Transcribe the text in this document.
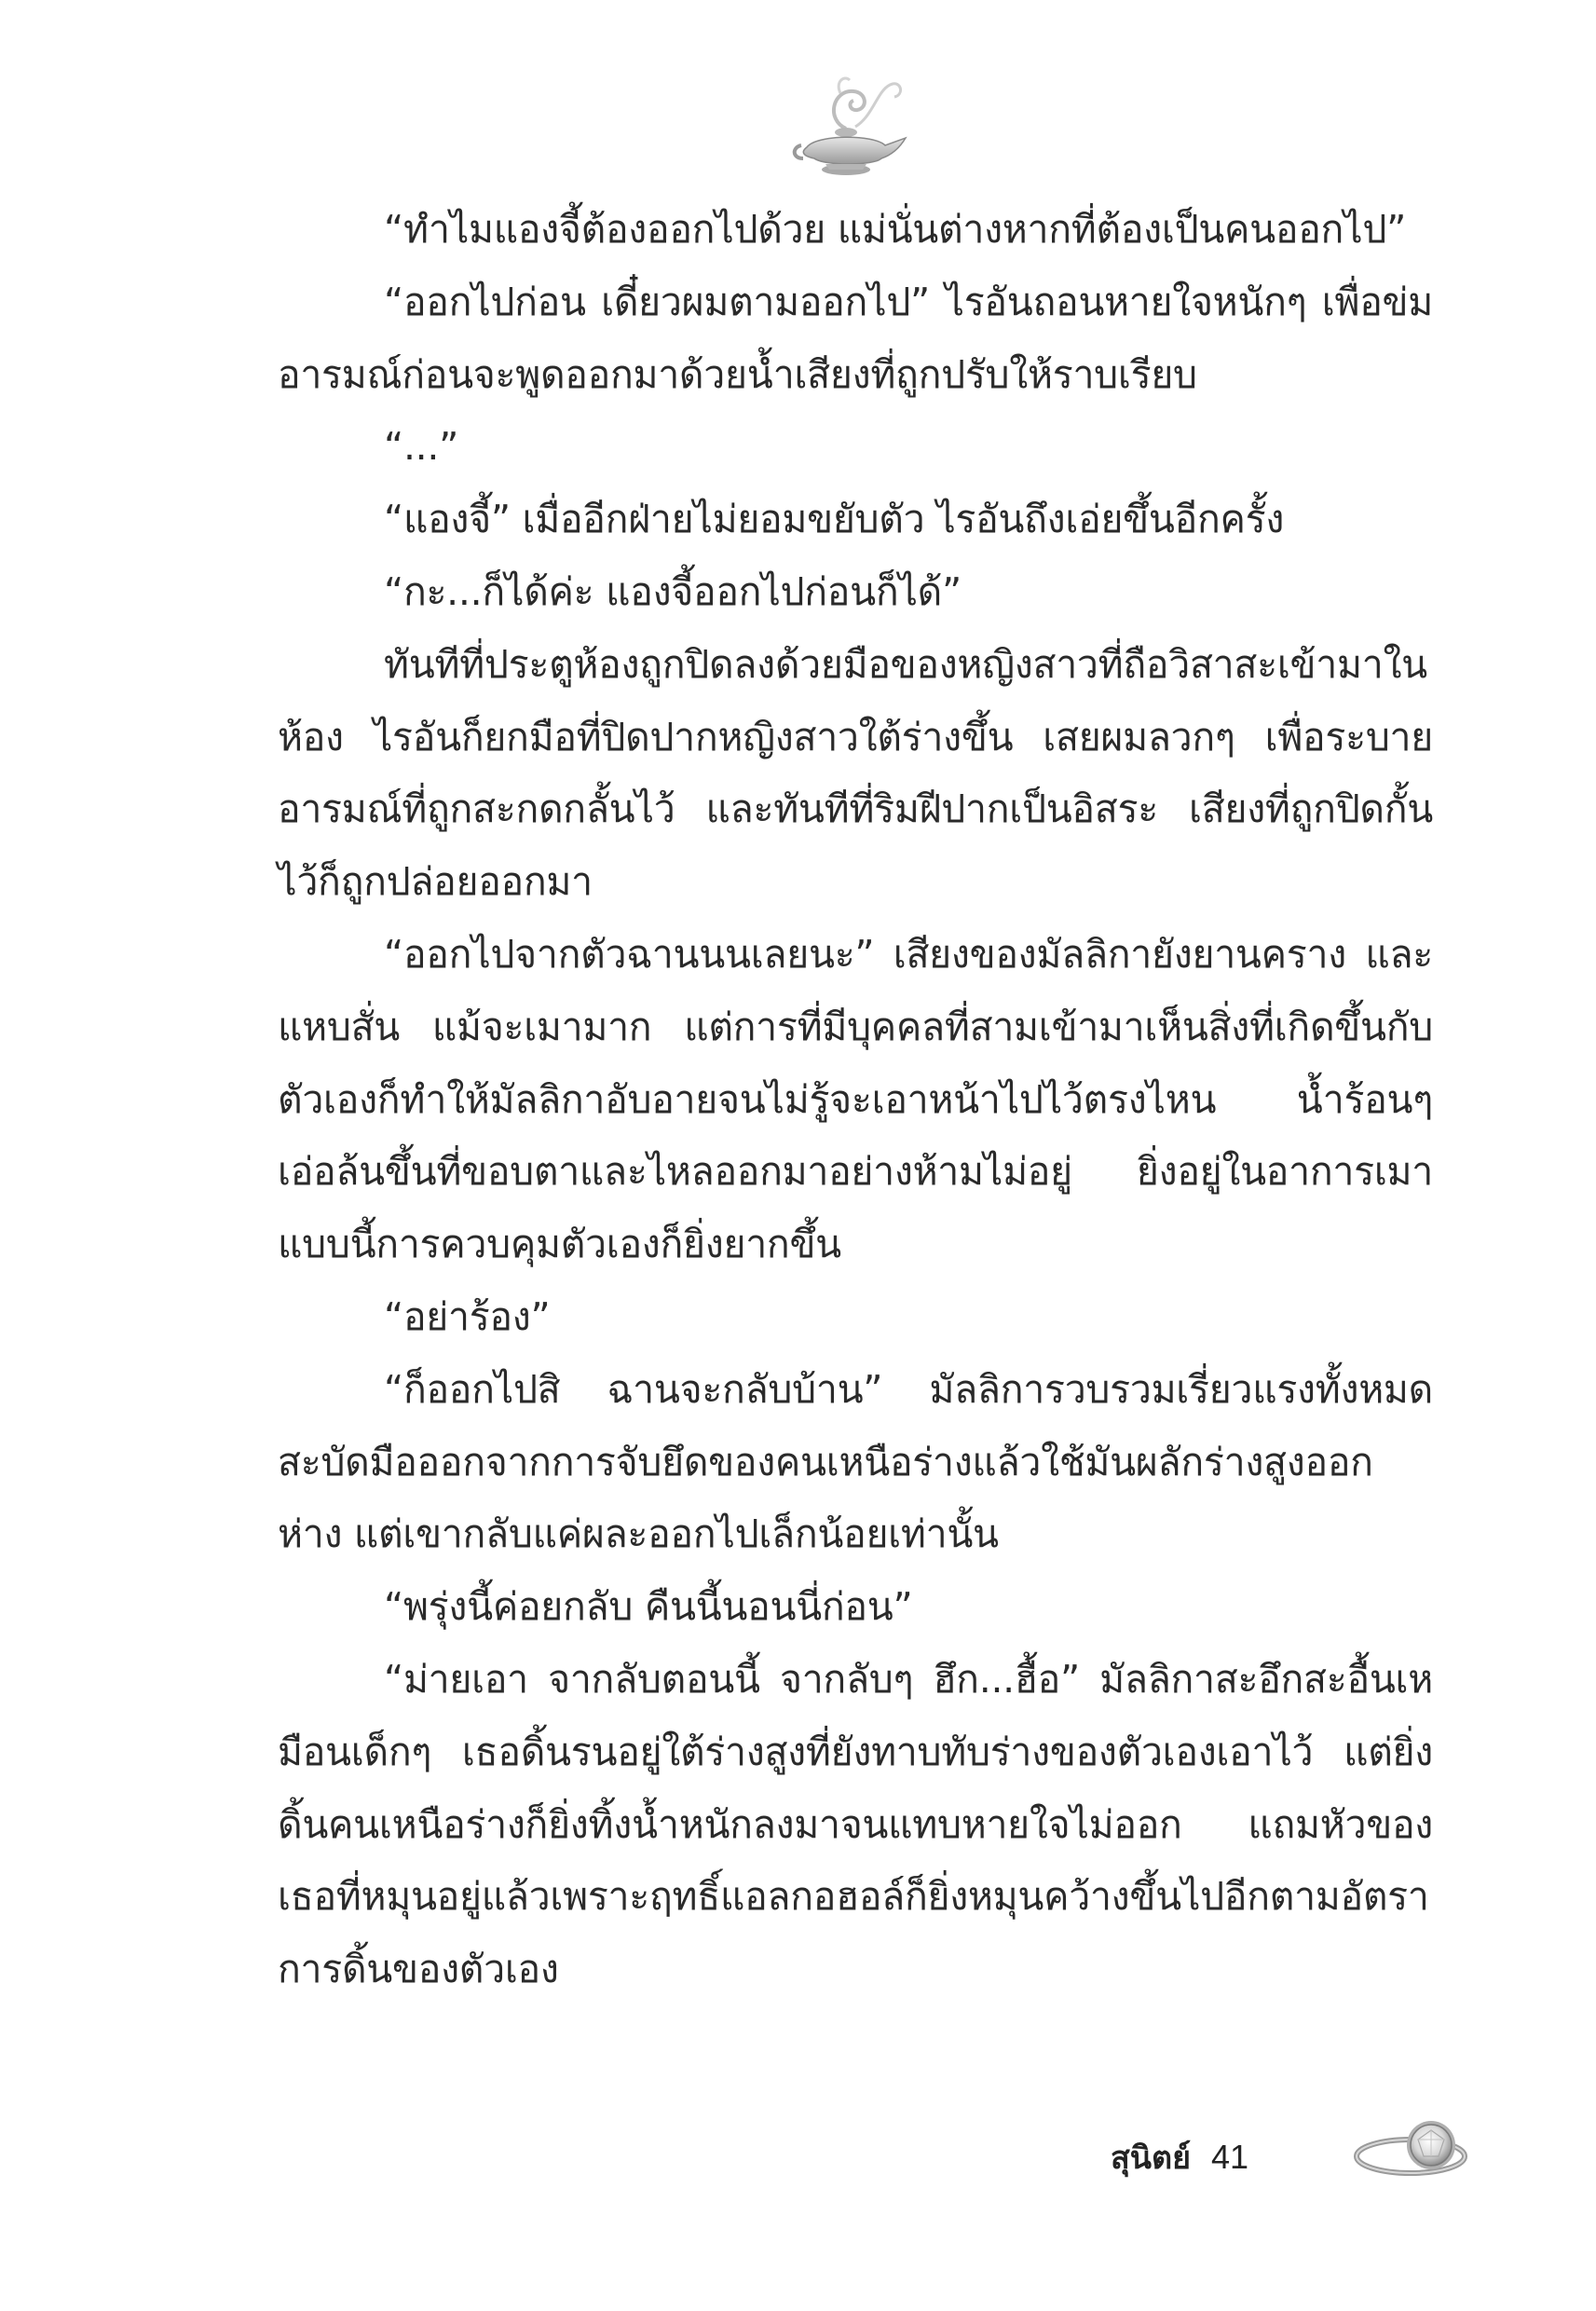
“ทำไมแองจี้ต้องออกไปด้วย แม่นั่นต่างหากที่ต้องเป็นคนออกไป”

“ออกไปก่อน เดี๋ยวผมตามออกไป” ไรอันถอนหายใจหนักๆ เพื่อข่มอารมณ์ก่อนจะพูดออกมาด้วยน้ำเสียงที่ถูกปรับให้ราบเรียบ

“...”

“แองจี้” เมื่ออีกฝ่ายไม่ยอมขยับตัว ไรอันถึงเอ่ยขึ้นอีกครั้ง

“กะ...ก็ได้ค่ะ แองจี้ออกไปก่อนก็ได้”

ทันทีที่ประตูห้องถูกปิดลงด้วยมือของหญิงสาวที่ถือวิสาสะเข้ามาในห้อง ไรอันก็ยกมือที่ปิดปากหญิงสาวใต้ร่างขึ้น เสยผมลวกๆ เพื่อระบายอารมณ์ที่ถูกสะกดกลั้นไว้ และทันทีที่ริมฝีปากเป็นอิสระ เสียงที่ถูกปิดกั้นไว้ก็ถูกปล่อยออกมา

“ออกไปจากตัวฉานนนเลยนะ” เสียงของมัลลิกายังยานคราง และแหบสั่น แม้จะเมามาก แต่การที่มีบุคคลที่สามเข้ามาเห็นสิ่งที่เกิดขึ้นกับตัวเองก็ทำให้มัลลิกาอับอายจนไม่รู้จะเอาหน้าไปไว้ตรงไหน น้ำร้อนๆ เอ่อล้นขึ้นที่ขอบตาและไหลออกมาอย่างห้ามไม่อยู่ ยิ่งอยู่ในอาการเมาแบบนี้การควบคุมตัวเองก็ยิ่งยากขึ้น

“อย่าร้อง”

“ก็ออกไปสิ ฉานจะกลับบ้าน” มัลลิการวบรวมเรี่ยวแรงทั้งหมดสะบัดมือออกจากการจับยึดของคนเหนือร่างแล้วใช้มันผลักร่างสูงออกห่าง แต่เขากลับแค่ผละออกไปเล็กน้อยเท่านั้น

“พรุ่งนี้ค่อยกลับ คืนนี้นอนนี่ก่อน”

“ม่ายเอา จากลับตอนนี้ จากลับๆ ฮึก...ฮื้อ” มัลลิกาสะอึกสะอื้นเหมือนเด็กๆ เธอดิ้นรนอยู่ใต้ร่างสูงที่ยังทาบทับร่างของตัวเองเอาไว้ แต่ยิ่งดิ้นคนเหนือร่างก็ยิ่งทิ้งน้ำหนักลงมาจนแทบหายใจไม่ออก แถมหัวของเธอที่หมุนอยู่แล้วเพราะฤทธิ์แอลกอฮอล์ก็ยิ่งหมุนคว้างขึ้นไปอีกตามอัตราการดิ้นของตัวเอง

สุนิตย์ 41
